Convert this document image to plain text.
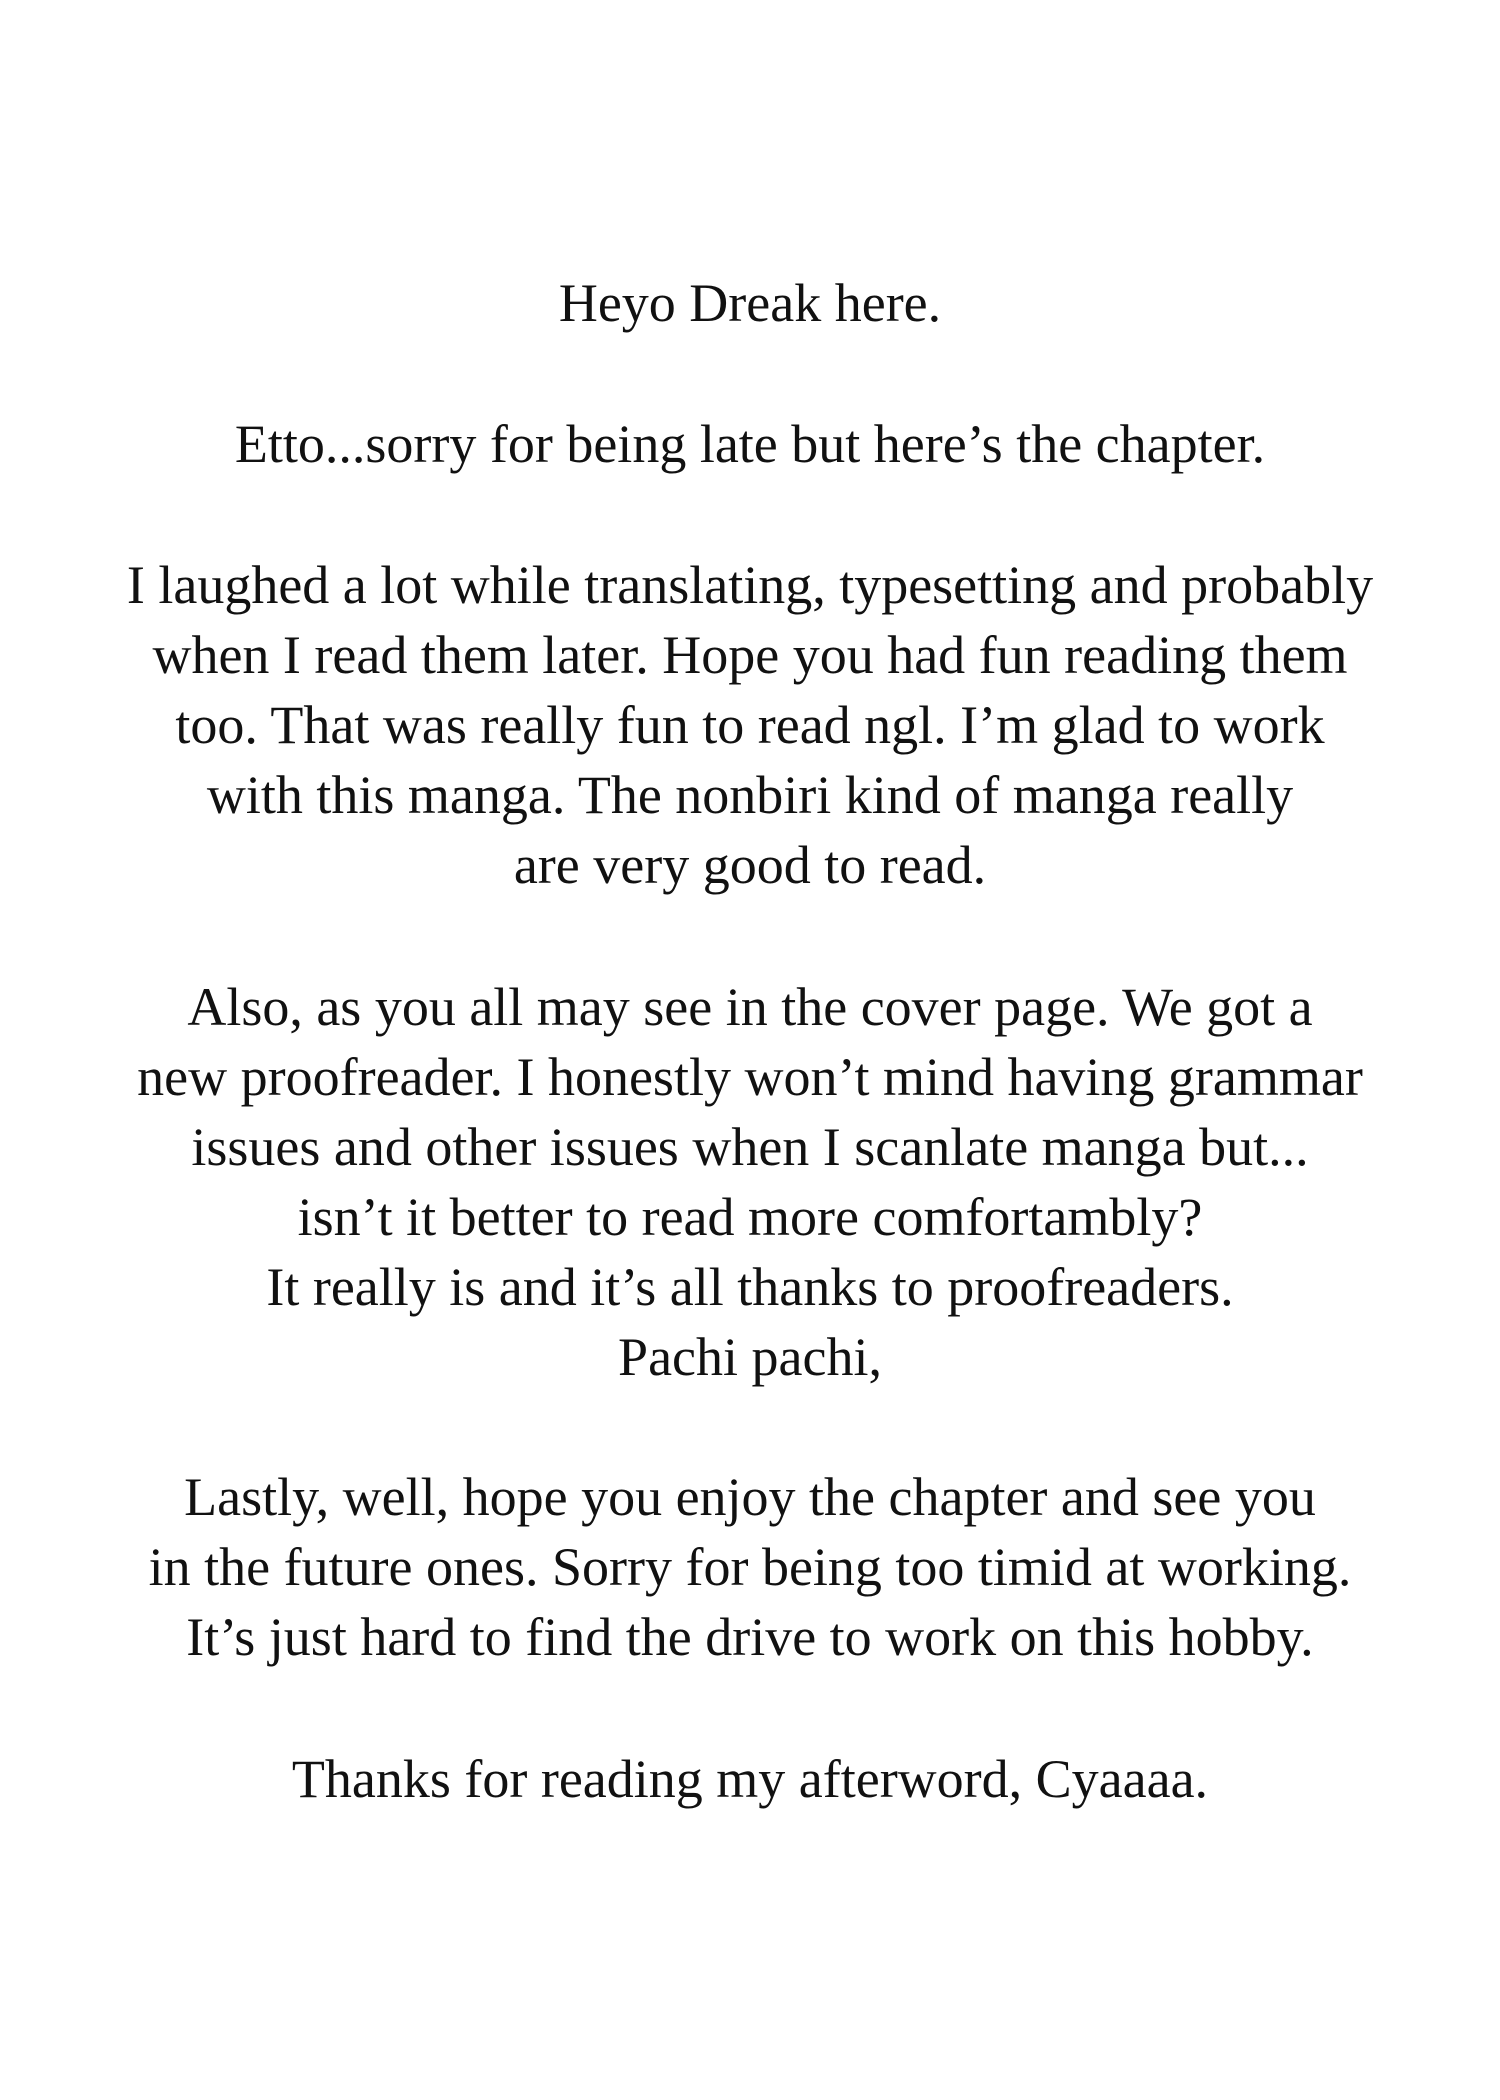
Heyo Dreak here.
Etto...sorry for being late but here’s the chapter.
I laughed a lot while translating, typesetting and probably
when I read them later. Hope you had fun reading them
too. That was really fun to read ngl. I’m glad to work
with this manga. The nonbiri kind of manga really
are very good to read.
Also, as you all may see in the cover page. We got a
new proofreader. I honestly won’t mind having grammar
issues and other issues when I scanlate manga but...
isn’t it better to read more comfortambly?
It really is and it’s all thanks to proofreaders.
Pachi pachi,
Lastly, well, hope you enjoy the chapter and see you
in the future ones. Sorry for being too timid at working.
It’s just hard to find the drive to work on this hobby.
Thanks for reading my afterword, Cyaaaa.
